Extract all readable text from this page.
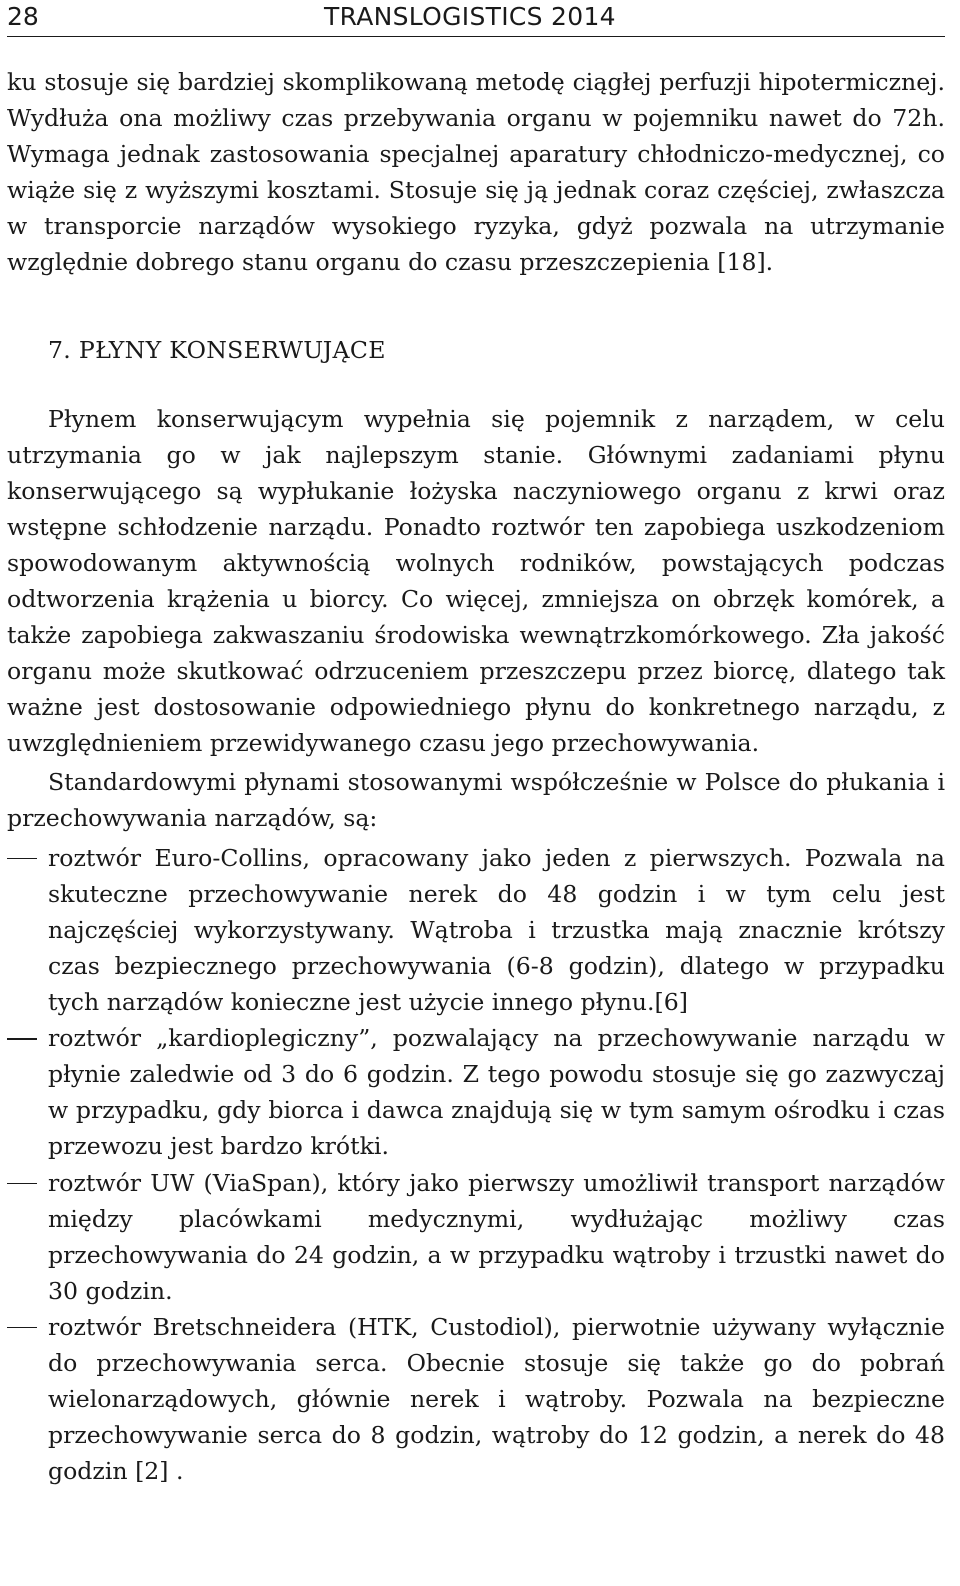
28	TRANSLOGISTICS 2014

ku stosuje się bardziej skomplikowaną metodę ciągłej perfuzji hipotermicznej. Wydłuża ona możliwy czas przebywania organu w pojemniku nawet do 72h. Wymaga jednak zastosowania specjalnej aparatury chłodniczo-medycznej, co wiąże się z wyższymi kosztami. Stosuje się ją jednak coraz częściej, zwłaszcza w transporcie narządów wysokiego ryzyka, gdyż pozwala na utrzymanie względnie dobrego stanu organu do czasu przeszczepienia [18].

7. PŁYNY KONSERWUJĄCE

Płynem konserwującym wypełnia się pojemnik z narządem, w celu utrzymania go w jak najlepszym stanie. Głównymi zadaniami płynu konserwującego są wypłukanie łożyska naczyniowego organu z krwi oraz wstępne schłodzenie narządu. Ponadto roztwór ten zapobiega uszkodzeniom spowodowanym aktywnością wolnych rodników, powstających podczas odtworzenia krążenia u biorcy. Co więcej, zmniejsza on obrzęk komórek, a także zapobiega zakwaszaniu środowiska wewnątrzkomórkowego. Zła jakość organu może skutkować odrzuceniem przeszczepu przez biorcę, dlatego tak ważne jest dostosowanie odpowiedniego płynu do konkretnego narządu, z uwzględnieniem przewidywanego czasu jego przechowywania.

Standardowymi płynami stosowanymi współcześnie w Polsce do płukania i przechowywania narządów, są:

roztwór Euro-Collins, opracowany jako jeden z pierwszych. Pozwala na skuteczne przechowywanie nerek do 48 godzin i w tym celu jest najczęściej wykorzystywany. Wątroba i trzustka mają znacznie krótszy czas bezpiecznego przechowywania (6-8 godzin), dlatego w przypadku tych narządów konieczne jest użycie innego płynu.[6]
roztwór „kardioplegiczny”, pozwalający na przechowywanie narządu w płynie zaledwie od 3 do 6 godzin. Z tego powodu stosuje się go zazwyczaj w przypadku, gdy biorca i dawca znajdują się w tym samym ośrodku i czas przewozu jest bardzo krótki.
roztwór UW (ViaSpan), który jako pierwszy umożliwił transport narządów między placówkami medycznymi, wydłużając możliwy czas przechowywania do 24 godzin, a w przypadku wątroby i trzustki nawet do 30 godzin.
roztwór Bretschneidera (HTK, Custodiol), pierwotnie używany wyłącznie do przechowywania serca. Obecnie stosuje się także go do pobrań wielonarządowych, głównie nerek i wątroby. Pozwala na bezpieczne przechowywanie serca do 8 godzin, wątroby do 12 godzin, a nerek do 48 godzin [2] .
